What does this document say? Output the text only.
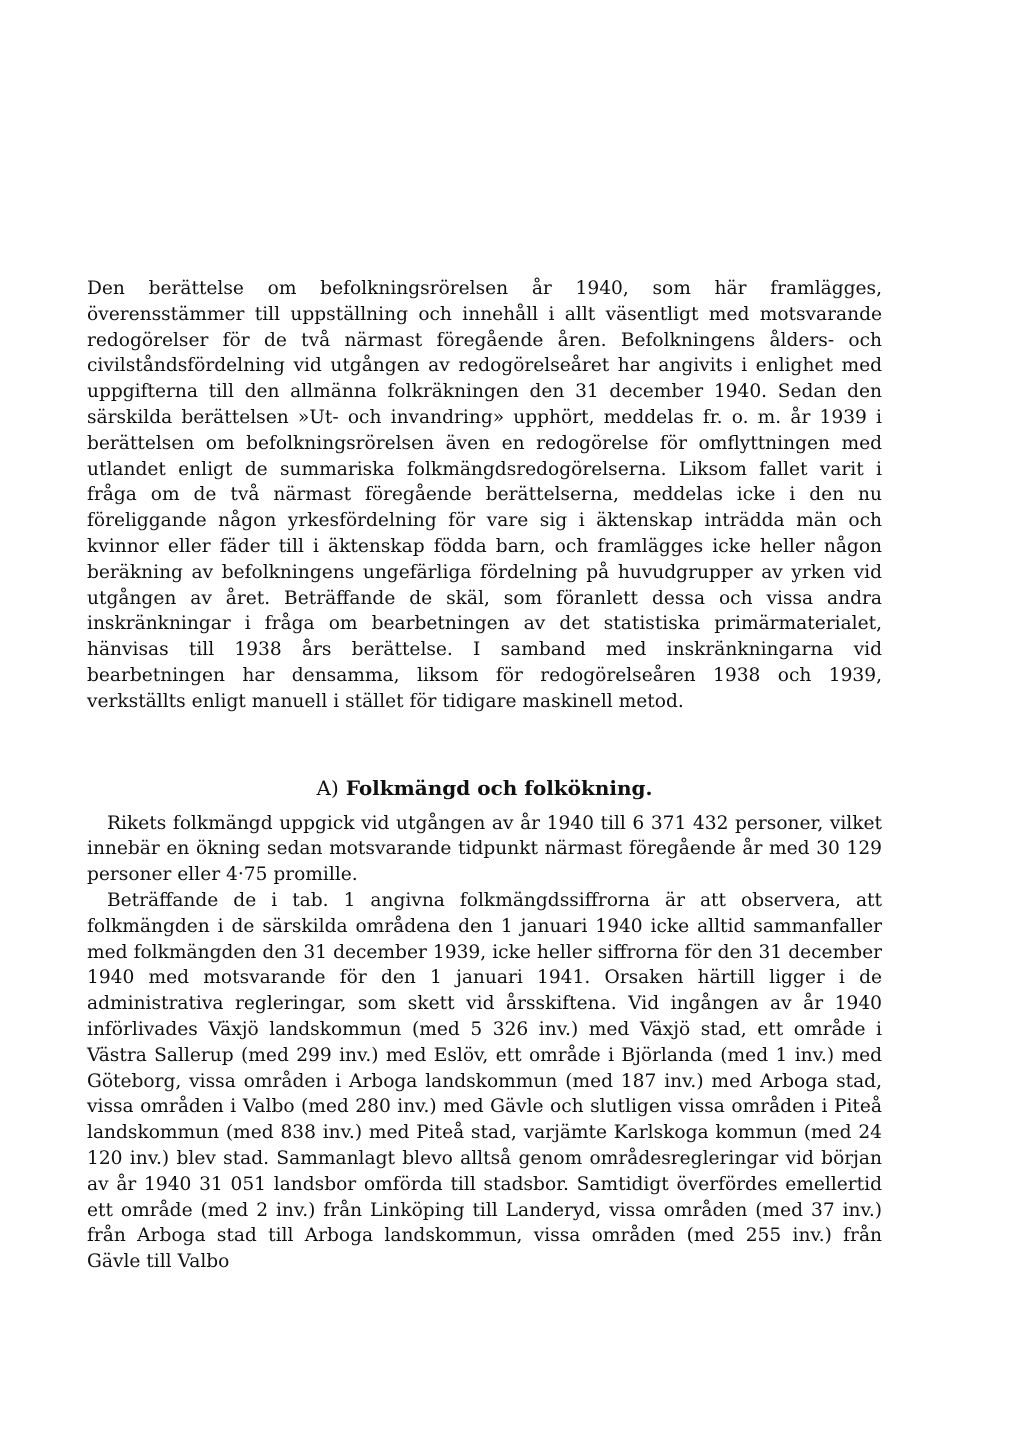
Den berättelse om befolkningsrörelsen år 1940, som här framlägges, överensstämmer till uppställning och innehåll i allt väsentligt med motsvarande redogörelser för de två närmast föregående åren. Befolkningens ålders- och civilståndsfördelning vid utgången av redogörelseåret har angivits i enlighet med uppgifterna till den allmänna folkräkningen den 31 december 1940. Sedan den särskilda berättelsen »Ut- och invandring» upphört, meddelas fr. o. m. år 1939 i berättelsen om befolkningsrörelsen även en redogörelse för omflyttningen med utlandet enligt de summariska folkmängdsredogörelserna. Liksom fallet varit i fråga om de två närmast föregående berättelserna, meddelas icke i den nu föreliggande någon yrkesfördelning för vare sig i äktenskap inträdda män och kvinnor eller fäder till i äktenskap födda barn, och framlägges icke heller någon beräkning av befolkningens ungefärliga fördelning på huvudgrupper av yrken vid utgången av året. Beträffande de skäl, som föranlett dessa och vissa andra inskränkningar i fråga om bearbetningen av det statistiska primärmaterialet, hänvisas till 1938 års berättelse. I samband med inskränkningarna vid bearbetningen har densamma, liksom för redogörelseåren 1938 och 1939, verkställts enligt manuell i stället för tidigare maskinell metod.

A) Folkmängd och folkökning.

Rikets folkmängd uppgick vid utgången av år 1940 till 6 371 432 personer, vilket innebär en ökning sedan motsvarande tidpunkt närmast föregående år med 30 129 personer eller 4·75 promille.

Beträffande de i tab. 1 angivna folkmängdssiffrorna är att observera, att folkmängden i de särskilda områdena den 1 januari 1940 icke alltid sammanfaller med folkmängden den 31 december 1939, icke heller siffrorna för den 31 december 1940 med motsvarande för den 1 januari 1941. Orsaken härtill ligger i de administrativa regleringar, som skett vid årsskiftena. Vid ingången av år 1940 införlivades Växjö landskommun (med 5 326 inv.) med Växjö stad, ett område i Västra Sallerup (med 299 inv.) med Eslöv, ett område i Björlanda (med 1 inv.) med Göteborg, vissa områden i Arboga landskommun (med 187 inv.) med Arboga stad, vissa områden i Valbo (med 280 inv.) med Gävle och slutligen vissa områden i Piteå landskommun (med 838 inv.) med Piteå stad, varjämte Karlskoga kommun (med 24 120 inv.) blev stad. Sammanlagt blevo alltså genom områdesregleringar vid början av år 1940 31 051 landsbor omförda till stadsbor. Samtidigt överfördes emellertid ett område (med 2 inv.) från Linköping till Landeryd, vissa områden (med 37 inv.) från Arboga stad till Arboga landskommun, vissa områden (med 255 inv.) från Gävle till Valbo
